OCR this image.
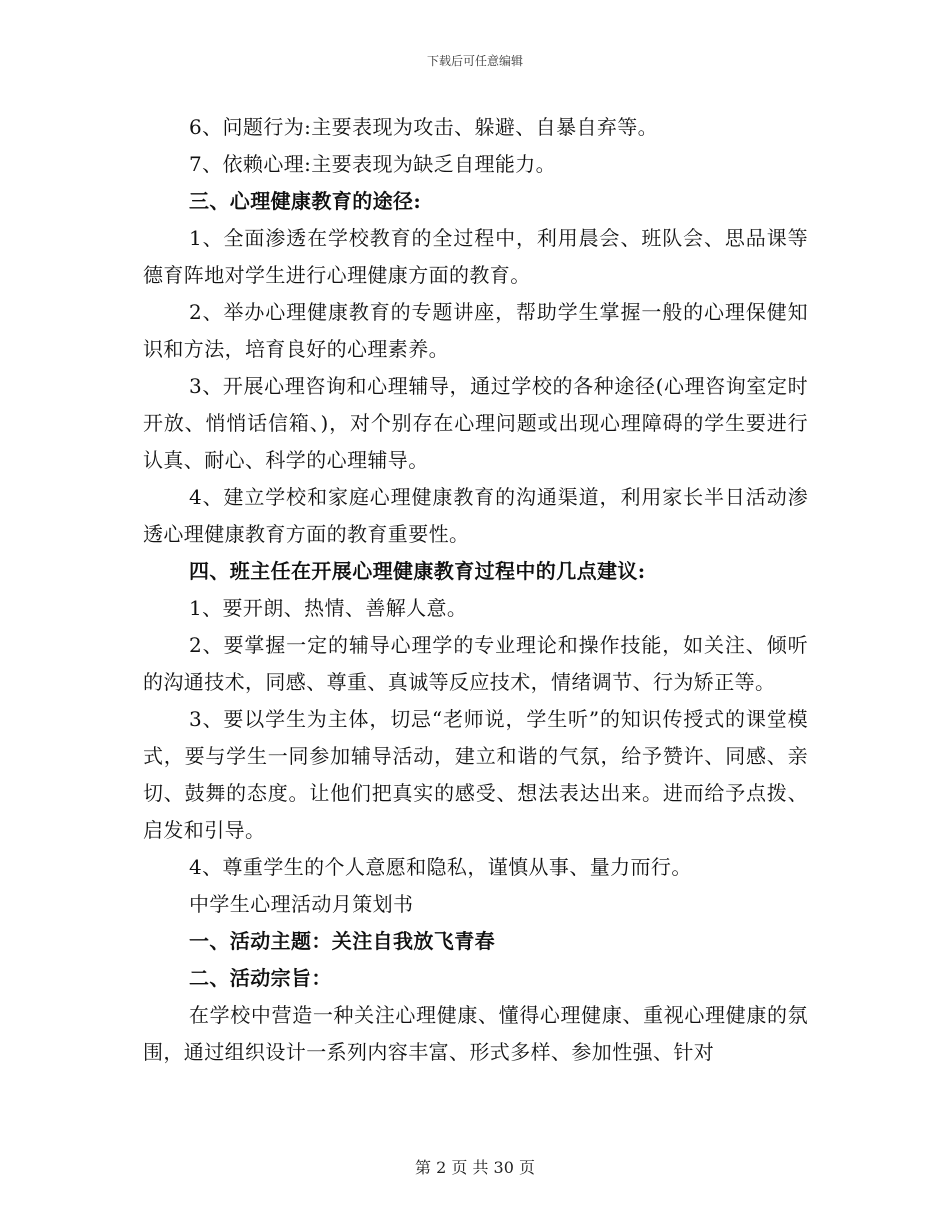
下载后可任意编辑

6、问题行为:主要表现为攻击、躲避、自暴自弃等。

7、依赖心理:主要表现为缺乏自理能力。

三、心理健康教育的途径:

1、全面渗透在学校教育的全过程中，利用晨会、班队会、思品课等德育阵地对学生进行心理健康方面的教育。

2、举办心理健康教育的专题讲座，帮助学生掌握一般的心理保健知识和方法，培育良好的心理素养。

3、开展心理咨询和心理辅导，通过学校的各种途径(心理咨询室定时开放、悄悄话信箱、)，对个别存在心理问题或出现心理障碍的学生要进行认真、耐心、科学的心理辅导。

4、建立学校和家庭心理健康教育的沟通渠道，利用家长半日活动渗透心理健康教育方面的教育重要性。

四、班主任在开展心理健康教育过程中的几点建议:

1、要开朗、热情、善解人意。

2、要掌握一定的辅导心理学的专业理论和操作技能，如关注、倾听的沟通技术，同感、尊重、真诚等反应技术，情绪调节、行为矫正等。

3、要以学生为主体，切忌“老师说，学生听”的知识传授式的课堂模式，要与学生一同参加辅导活动，建立和谐的气氛，给予赞许、同感、亲切、鼓舞的态度。让他们把真实的感受、想法表达出来。进而给予点拨、启发和引导。

4、尊重学生的个人意愿和隐私，谨慎从事、量力而行。

中学生心理活动月策划书

一、活动主题：关注自我放飞青春

二、活动宗旨：

在学校中营造一种关注心理健康、懂得心理健康、重视心理健康的氛围，通过组织设计一系列内容丰富、形式多样、参加性强、针对

第 2 页 共 30 页
